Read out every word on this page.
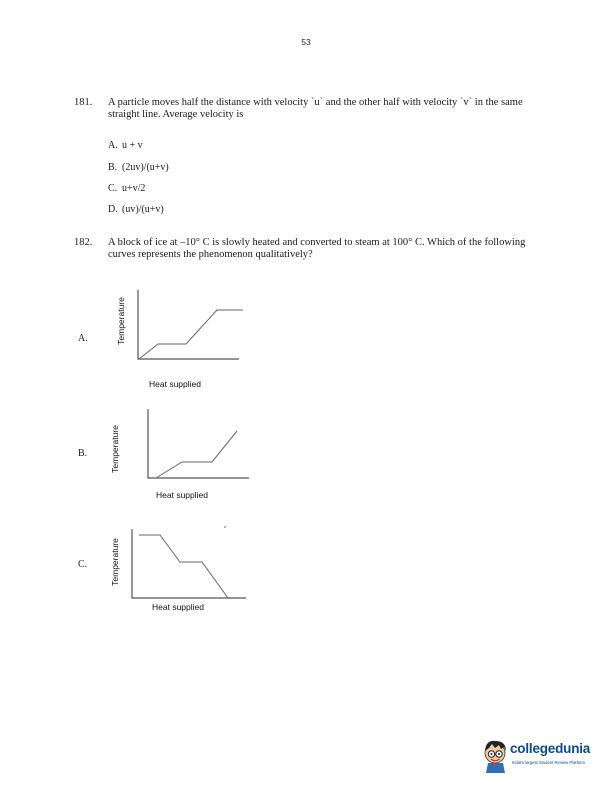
53
181. A particle moves half the distance with velocity `u` and the other half with velocity `v` in the same straight line. Average velocity is
A. u + v
B. (2uv)/(u+v)
C. u+v/2
D. (uv)/(u+v)
182. A block of ice at –10° C is slowly heated and converted to steam at 100° C. Which of the following curves represents the phenomenon qualitatively?
A.	Temperature
Heat supplied
B.	Temperature
Heat supplied
C.	Temperature
Heat supplied
collegedunia
India's largest Student Review Platform
